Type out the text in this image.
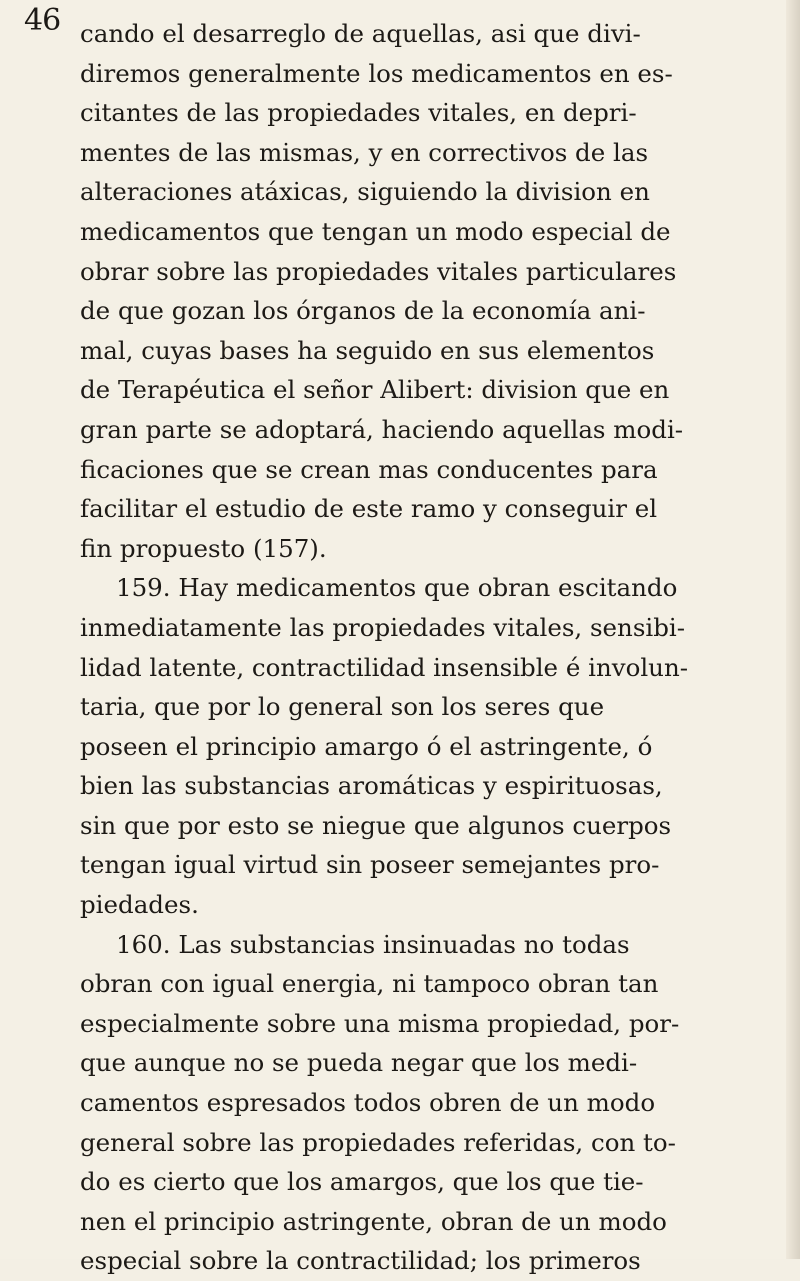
46 cando el desarreglo de aquellas, asi que divi-
diremos generalmente los medicamentos en es-
citantes de las propiedades vitales, en depri-
mentes de las mismas, y en correctivos de las
alteraciones atáxicas, siguiendo la division en
medicamentos que tengan un modo especial de
obrar sobre las propiedades vitales particulares
de que gozan los órganos de la economía ani-
mal, cuyas bases ha seguido en sus elementos
de Terapéutica el señor Alibert: division que en
gran parte se adoptará, haciendo aquellas modi-
ficaciones que se crean mas conducentes para
facilitar el estudio de este ramo y conseguir el
fin propuesto (157).
159. Hay medicamentos que obran escitando
inmediatamente las propiedades vitales, sensibi-
lidad latente, contractilidad insensible é involun-
taria, que por lo general son los seres que
poseen el principio amargo ó el astringente, ó
bien las substancias aromáticas y espirituosas,
sin que por esto se niegue que algunos cuerpos
tengan igual virtud sin poseer semejantes pro-
piedades.
160. Las substancias insinuadas no todas
obran con igual energia, ni tampoco obran tan
especialmente sobre una misma propiedad, por-
que aunque no se pueda negar que los medi-
camentos espresados todos obren de un modo
general sobre las propiedades referidas, con to-
do es cierto que los amargos, que los que tie-
nen el principio astringente, obran de un modo
especial sobre la contractilidad; los primeros
